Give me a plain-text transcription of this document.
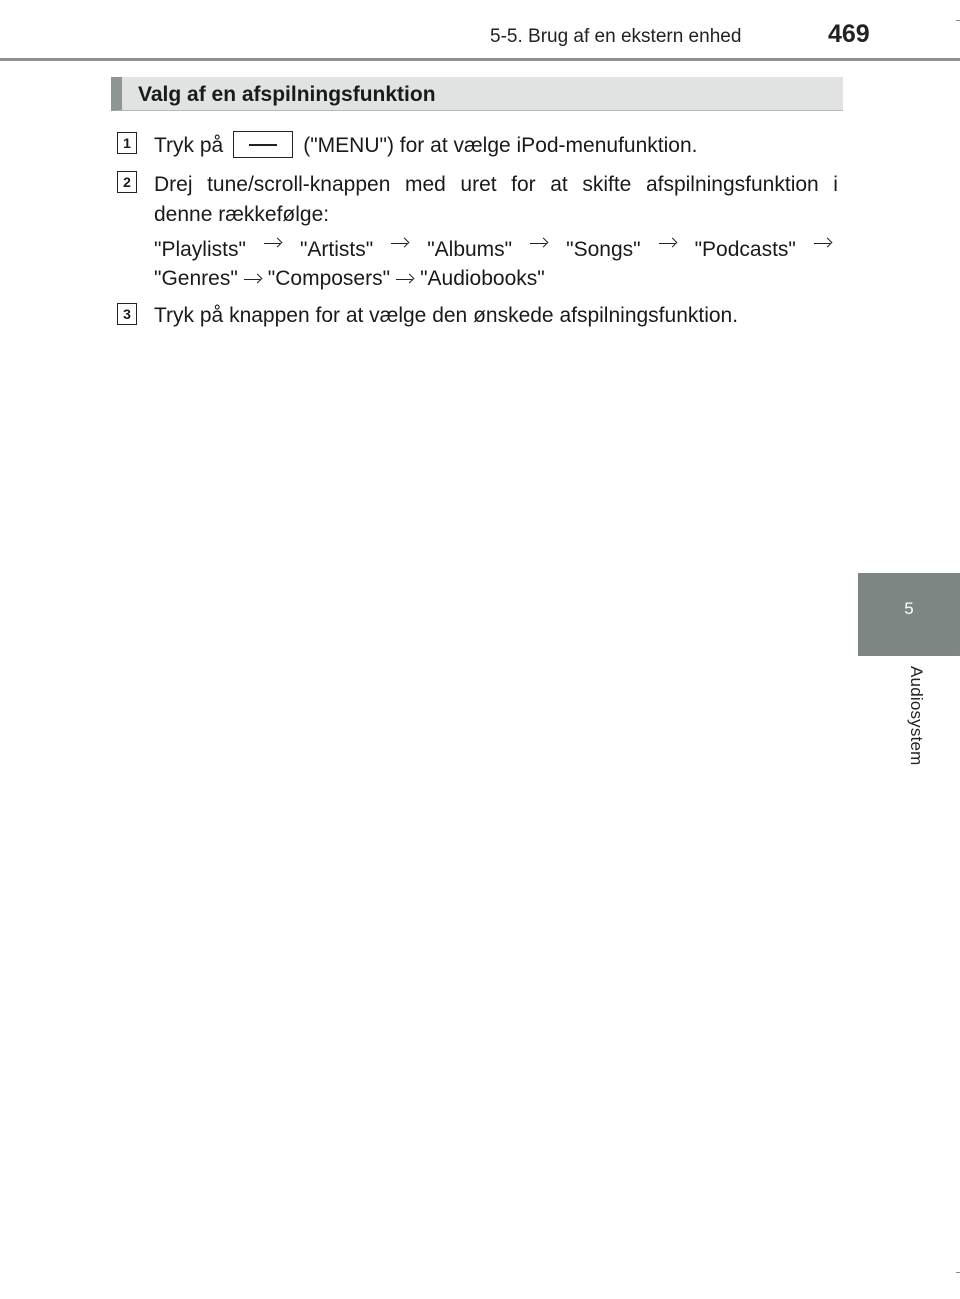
5-5. Brug af en ekstern enhed	469
5
Audiosystem
Valg af en afspilningsfunktion
1 Tryk på	("MENU") for at vælge iPod-menufunktion.
2 Drej tune/scroll-knappen med uret for at skifte afspilningsfunktion i
denne rækkefølge:
"Playlists"	"Artists"	"Albums"	"Songs"	"Podcasts"
"Genres" "Composers" "Audiobooks"
3 Tryk på knappen for at vælge den ønskede afspilningsfunktion.
